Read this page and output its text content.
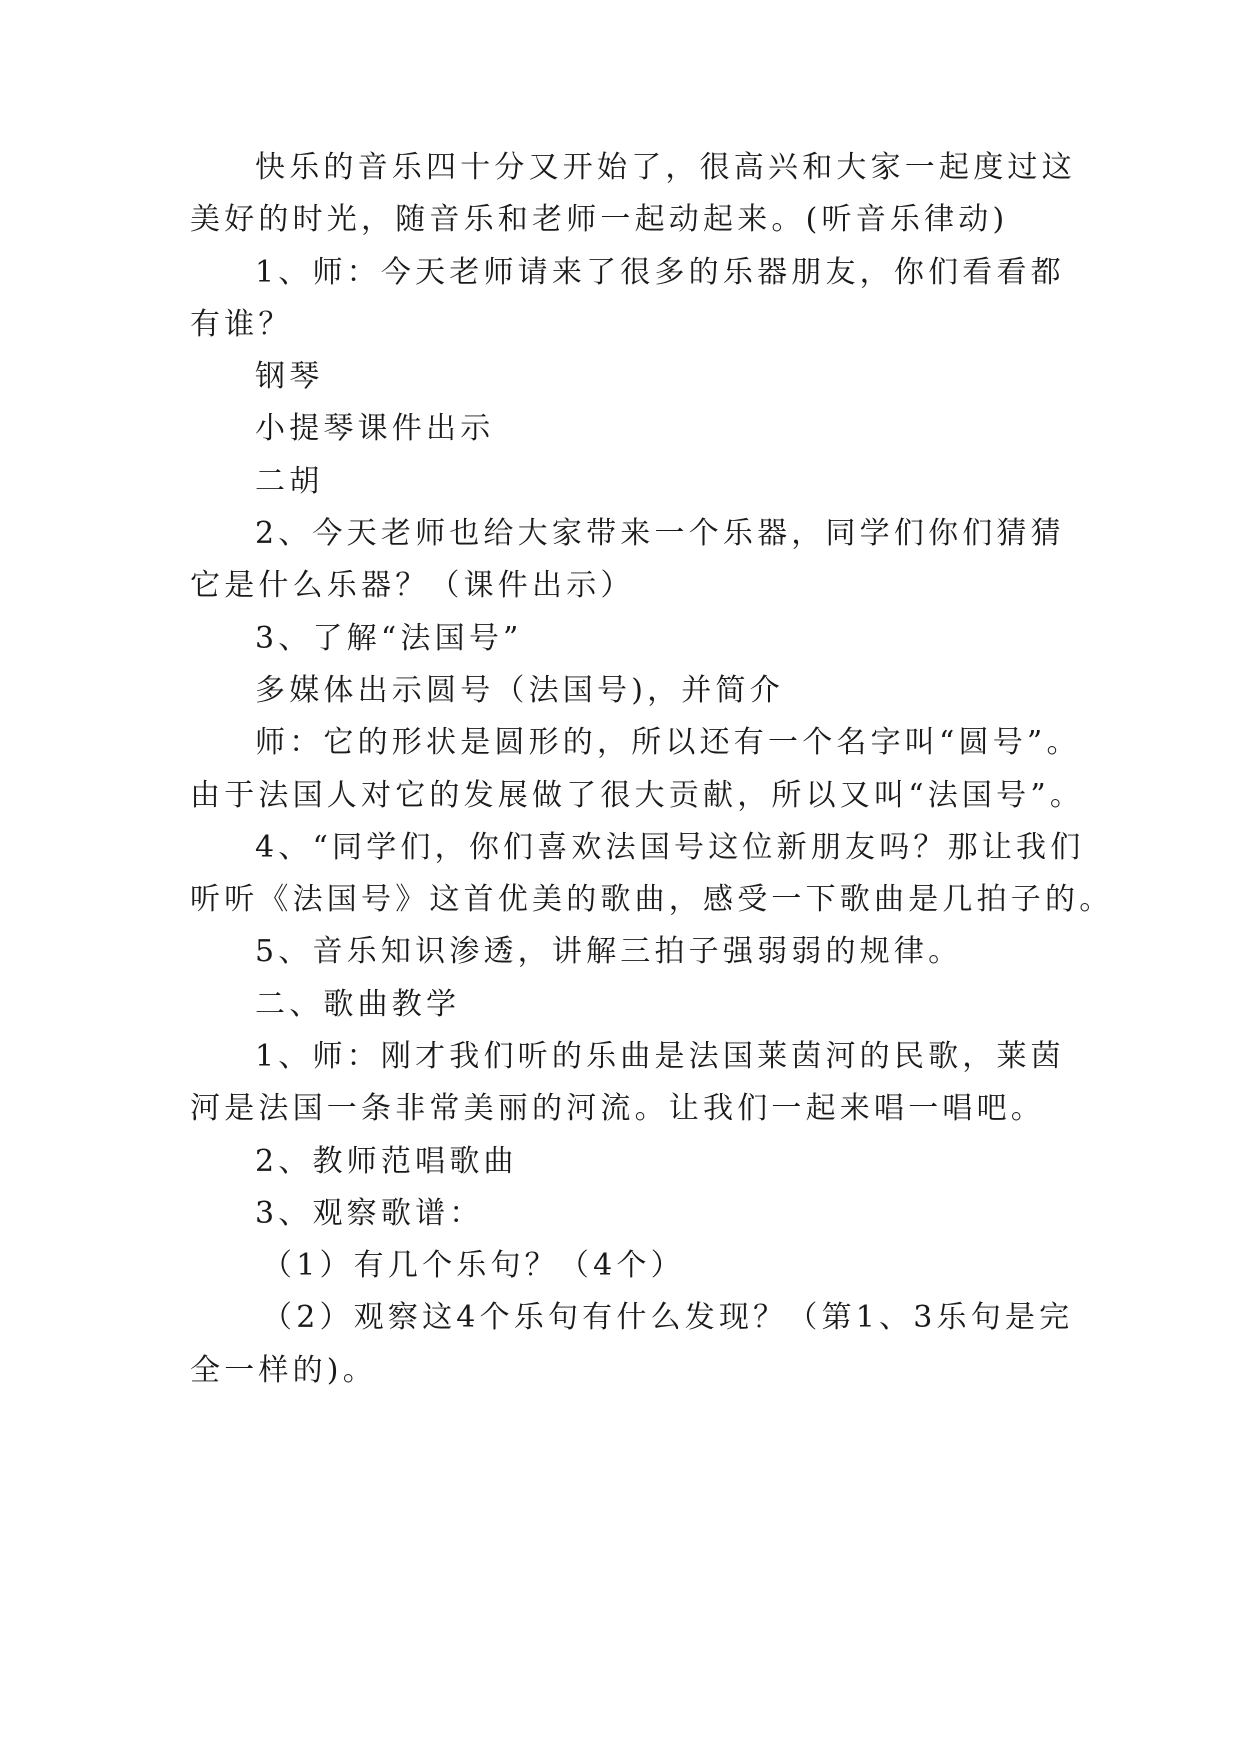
快乐的音乐四十分又开始了，很高兴和大家一起度过这
美好的时光，随音乐和老师一起动起来。(听音乐律动)
1、师：今天老师请来了很多的乐器朋友，你们看看都
有谁？
钢琴
小提琴课件出示
二胡
2、今天老师也给大家带来一个乐器，同学们你们猜猜
它是什么乐器？（课件出示）
3、了解“法国号”
多媒体出示圆号（法国号)，并简介
师：它的形状是圆形的，所以还有一个名字叫“圆号”。
由于法国人对它的发展做了很大贡献，所以又叫“法国号”。
4、“同学们，你们喜欢法国号这位新朋友吗？那让我们
听听《法国号》这首优美的歌曲，感受一下歌曲是几拍子的。
5、音乐知识渗透，讲解三拍子强弱弱的规律。
二、歌曲教学
1、师：刚才我们听的乐曲是法国莱茵河的民歌，莱茵
河是法国一条非常美丽的河流。让我们一起来唱一唱吧。
2、教师范唱歌曲
3、观察歌谱：
（1）有几个乐句？（4个）
（2）观察这4个乐句有什么发现？（第1、3乐句是完
全一样的)。
